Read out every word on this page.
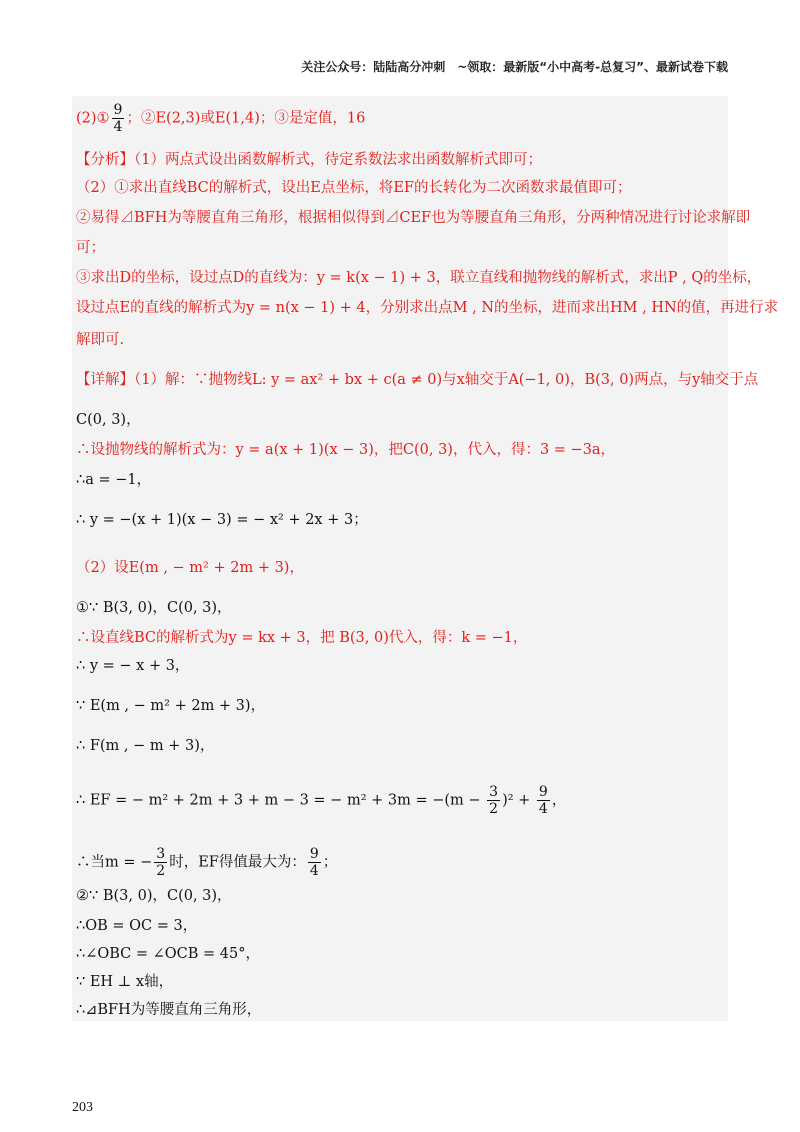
关注公众号：陆陆高分冲刺　~领取：最新版“小中高考-总复习”、最新试卷下载
(2)① $\frac{9}{4}$ ；②E(2,3)或E(1,4)；③是定值，16
【分析】（1）两点式设出函数解析式，待定系数法求出函数解析式即可；
（2）①求出直线BC的解析式，设出E点坐标，将EF的长转化为二次函数求最值即可；
②易得⊿BFH为等腰直角三角形，根据相似得到⊿CEF也为等腰直角三角形，分两种情况进行讨论求解即
可；
③求出D的坐标，设过点D的直线为：y = k(x − 1) + 3，联立直线和抛物线的解析式，求出P , Q的坐标，
设过点E的直线的解析式为y = n(x − 1) + 4，分别求出点M , N的坐标，进而求出HM , HN的值，再进行求
解即可.
【详解】（1）解：∵抛物线L: y = ax² + bx + c(a ≠ 0)与x轴交于A(−1, 0)，B(3, 0)两点，与y轴交于点
C(0, 3)，
∴设抛物线的解析式为：y = a(x + 1)(x − 3)，把C(0, 3)，代入，得：3 = −3a，
∴a = −1，
∴ y = −(x + 1)(x − 3) = − x² + 2x + 3；
（2）设E(m , − m² + 2m + 3)，
①∵ B(3, 0)，C(0, 3)，
∴设直线BC的解析式为y = kx + 3，把 B(3, 0)代入，得：k = −1，
∴ y = − x + 3，
∵ E(m , − m² + 2m + 3)，
∴ F(m , − m + 3)，
∴ EF = − m² + 2m + 3 + m − 3 = − $m^2 + 3m = -(m - \frac{3}{2} )^2 + \frac{9}{4}$ ，
∴当m = − $\frac{3}{2}$ 时，EF得值最大为： $\frac{9}{4}$ ；
②∵ B(3, 0)，C(0, 3)，
∴OB = OC = 3，
∴∠OBC = ∠OCB = 45°，
∵ EH ⊥ x轴，
∴⊿BFH为等腰直角三角形，
203
